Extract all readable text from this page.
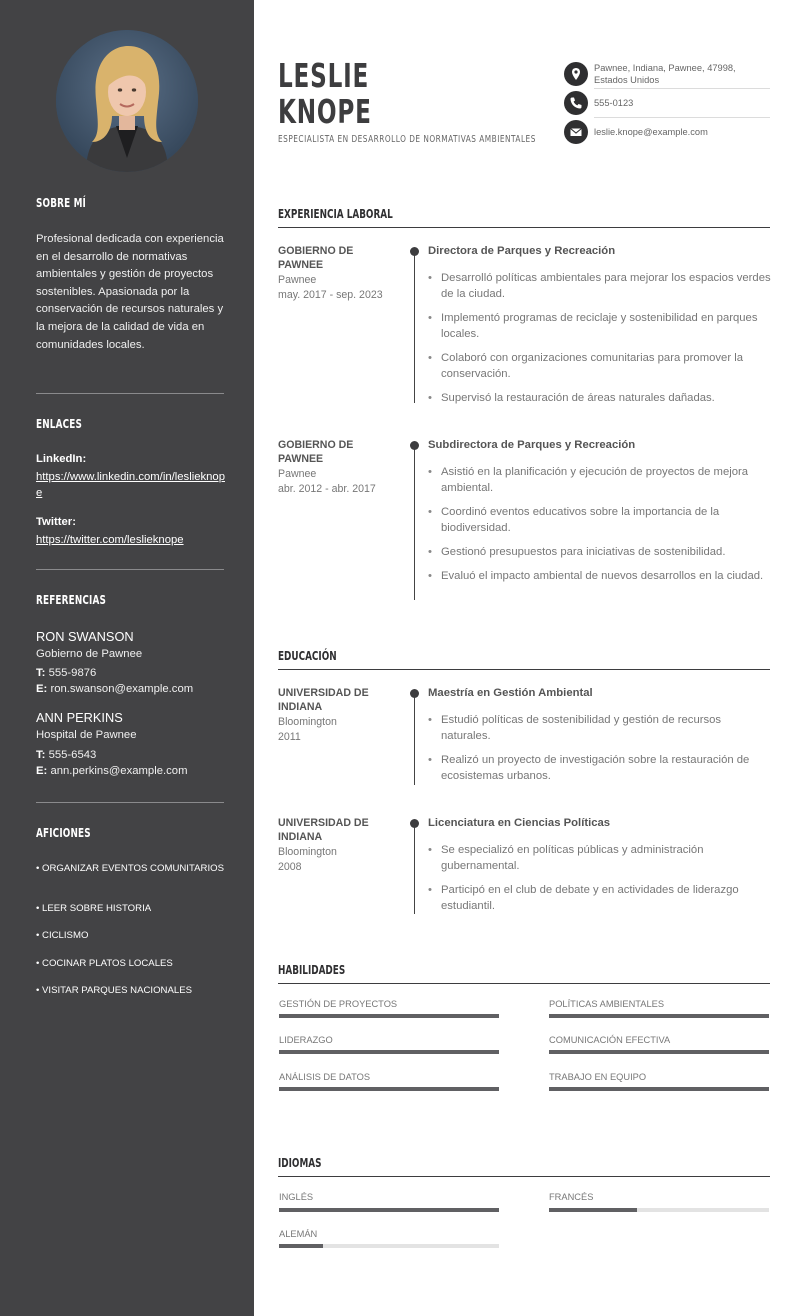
SOBRE MÍ
Profesional dedicada con experiencia en el desarrollo de normativas ambientales y gestión de proyectos sostenibles. Apasionada por la conservación de recursos naturales y la mejora de la calidad de vida en comunidades locales.
ENLACES
LinkedIn:
https://www.linkedin.com/in/leslieknope
Twitter:
https://twitter.com/leslieknope
REFERENCIAS
RON SWANSON
Gobierno de Pawnee
T: 555-9876
E: ron.swanson@example.com
ANN PERKINS
Hospital de Pawnee
T: 555-6543
E: ann.perkins@example.com
AFICIONES
• ORGANIZAR EVENTOS COMUNITARIOS
• LEER SOBRE HISTORIA
• CICLISMO
• COCINAR PLATOS LOCALES
• VISITAR PARQUES NACIONALES
LESLIE
KNOPE
ESPECIALISTA EN DESARROLLO DE NORMATIVAS AMBIENTALES
Pawnee, Indiana, Pawnee, 47998,
Estados Unidos
555-0123
leslie.knope@example.com
EXPERIENCIA LABORAL
GOBIERNO DE PAWNEE
Pawnee
may. 2017 - sep. 2023
Directora de Parques y Recreación
• Desarrolló políticas ambientales para mejorar los espacios verdes de la ciudad.
• Implementó programas de reciclaje y sostenibilidad en parques locales.
• Colaboró con organizaciones comunitarias para promover la conservación.
• Supervisó la restauración de áreas naturales dañadas.
GOBIERNO DE PAWNEE
Pawnee
abr. 2012 - abr. 2017
Subdirectora de Parques y Recreación
• Asistió en la planificación y ejecución de proyectos de mejora ambiental.
• Coordinó eventos educativos sobre la importancia de la biodiversidad.
• Gestionó presupuestos para iniciativas de sostenibilidad.
• Evaluó el impacto ambiental de nuevos desarrollos en la ciudad.
EDUCACIÓN
UNIVERSIDAD DE INDIANA
Bloomington
2011
Maestría en Gestión Ambiental
• Estudió políticas de sostenibilidad y gestión de recursos naturales.
• Realizó un proyecto de investigación sobre la restauración de ecosistemas urbanos.
UNIVERSIDAD DE INDIANA
Bloomington
2008
Licenciatura en Ciencias Políticas
• Se especializó en políticas públicas y administración gubernamental.
• Participó en el club de debate y en actividades de liderazgo estudiantil.
HABILIDADES
GESTIÓN DE PROYECTOS	POLÍTICAS AMBIENTALES
LIDERAZGO	COMUNICACIÓN EFECTIVA
ANÁLISIS DE DATOS	TRABAJO EN EQUIPO
IDIOMAS
INGLÉS	FRANCÉS
ALEMÁN
